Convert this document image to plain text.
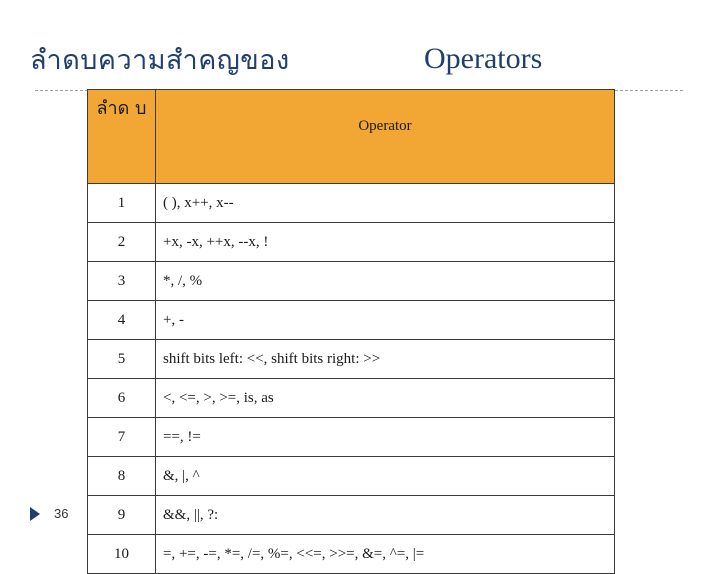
ลำดบความสำคญของ	Operators
ลำด บ	Operator
1	( ), x++, x--
2	+x, -x, ++x, --x, !
3	*, /, %
4	+, -
5	shift bits left: <<, shift bits right: >>
6	<, <=, >, >=, is, as
7	==, !=
8	&, |, ^
9	&&, ||, ?:
10	=, +=, -=, *=, /=, %=, <<=, >>=, &=, ^=, |=
36
